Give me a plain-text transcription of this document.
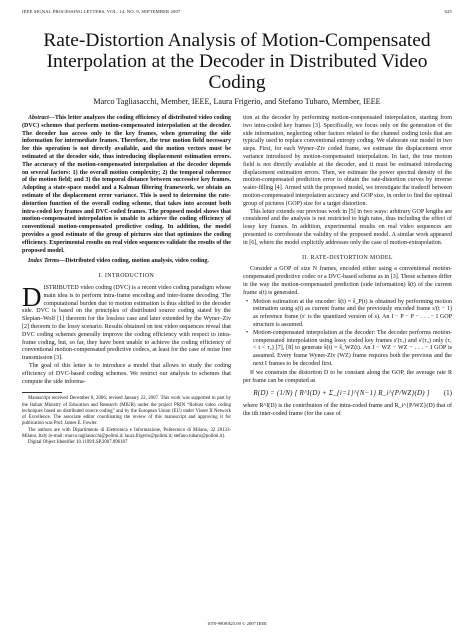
IEEE SIGNAL PROCESSING LETTERS, VOL. 14, NO. 9, SEPTEMBER 2007	625
Rate-Distortion Analysis of Motion-Compensated Interpolation at the Decoder in Distributed Video Coding
Marco Tagliasacchi, Member, IEEE, Laura Frigerio, and Stefano Tubaro, Member, IEEE

Abstract—This letter analyzes the coding efficiency of distributed video coding (DVC) schemes that perform motion-compensated interpolation at the decoder. The decoder has access only to the key frames, when generating the side information for intermediate frames. Therefore, the true motion field necessary for this operation is not directly available, and the motion vectors must be estimated at the decoder side, thus introducing displacement estimation errors. The accuracy of the motion-compensated interpolation at the decoder depends on several factors: 1) the overall motion complexity; 2) the temporal coherence of the motion field; and 3) the temporal distance between successive key frames. Adopting a state-space model and a Kalman filtering framework, we obtain an estimate of the displacement error variance. This is used to determine the rate-distortion function of the overall coding scheme, that takes into account both intra-coded key frames and DVC-coded frames. The proposed model shows that motion-compensated interpolation is unable to achieve the coding efficiency of conventional motion-compensated predictive coding. In addition, the model provides a good estimate of the group of pictures size that optimizes the coding efficiency. Experimental results on real video sequences validate the results of the proposed model.

Index Terms—Distributed video coding, motion analysis, video coding.

I. INTRODUCTION

DISTRIBUTED video coding (DVC) is a recent video coding paradigm whose main idea is to perform intra-frame encoding and inter-frame decoding. The computational burden due to motion estimation is thus shifted to the decoder side. DVC is based on the principles of distributed source coding stated by the Slepian–Wolf [1] theorem for the lossless case and later extended by the Wyner–Ziv [2] theorem to the lossy scenario. Results obtained on test video sequences reveal that DVC coding schemes generally improve the coding efficiency with respect to intra-frame coding, but, so far, they have been unable to achieve the coding efficiency of conventional motion-compensated predictive codecs, at least for the case of noise free transmission [3].

The goal of this letter is to introduce a model that allows to study the coding efficiency of DVC-based coding schemes. We restrict our analysis to schemes that compute the side informa-

Manuscript received December 8, 2006; revised January 22, 2007. This work was supported in part by the Italian Ministry of Education and Research (MIUR) under the project PRIN “Robust video coding techniques based on distributed source coding” and by the European Union (EU) under Visnet II Network of Excellence. The associate editor coordinating the review of this manuscript and approving it for publication was Prof. James E. Fowler.

The authors are with Dipartimento di Elettronica e Informazione, Politecnico di Milano, 32 20133-Milano, Italy (e-mail: marco.tagliasacchi@polimi.it; laura.frigerio@polimi.it; stefano.tubaro@polimi.it).

Digital Object Identifier 10.1109/LSP.2007.896187

tion at the decoder by performing motion-compensated interpolation, starting from two intra-coded key frames [3]. Specifically, we focus only on the generation of the side information, neglecting other factors related to the channel coding tools that are typically used to replace conventional entropy coding. We elaborate our model in two steps. First, for each Wyner–Ziv coded frame, we estimate the displacement error variance introduced by motion-compensated interpolation. In fact, the true motion field is not directly available at the decoder, and it must be estimated introducing displacement estimation errors. Then, we estimate the power spectral density of the motion-compensated prediction error to obtain the rate-distortion curves by inverse water-filling [4]. Armed with the proposed model, we investigate the tradeoff between motion-compensated interpolation accuracy and GOP size, in order to find the optimal group of pictures (GOP) size for a target distortion.

This letter extends our previous work in [5] in two ways: arbitrary GOP lengths are considered and the analysis is not restricted to high rates, thus including the effect of lossy key frames. In addition, experimental results on real video sequences are presented to corroborate the validity of the proposed model. A similar work appeared in [6], where the model explicitly addresses only the case of motion-extrapolation.

II. RATE-DISTORTION MODEL

Consider a GOP of size N frames, encoded either using a conventional motion-compensated predictive codec or a DVC-based scheme as in [3]. These schemes differ in the way the motion-compensated prediction (side information) ŝ(t) of the current frame s(t) is generated.

• Motion estimation at the encoder: ŝ(t) = ŝ_P(t) is obtained by performing motion estimation using s(t) as current frame and the previously encoded frame s′(t − 1) as reference frame (s′ is the quantized version of s). An I − P − P − . . . − I GOP structure is assumed.
• Motion-compensated interpolation at the decoder: The decoder performs motion-compensated interpolation using lossy coded key frames s′(τ₁) and s′(τ₂) only (τ₁ < t < τ₂) [7], [8] to generate ŝ(t) = ŝ_WZ(t). An I − WZ − WZ − . . . − I GOP is assumed. Every frame Wyner-Ziv (WZ) frame requires both the previous and the next I frames to be decoded first.

If we constrain the distortion D to be constant along the GOP, the average rate R per frame can be computed as

R(D) = (1/N) [ R^I(D) + Σ_{i=1}^{N−1} R_i^{P/WZ}(D) ]	(1)

where R^I(D) is the contribution of the intra-coded frame and R_i^{P/WZ}(D) that of the ith inter-coded frame (for the case of

1070-9908/$25.00 © 2007 IEEE
